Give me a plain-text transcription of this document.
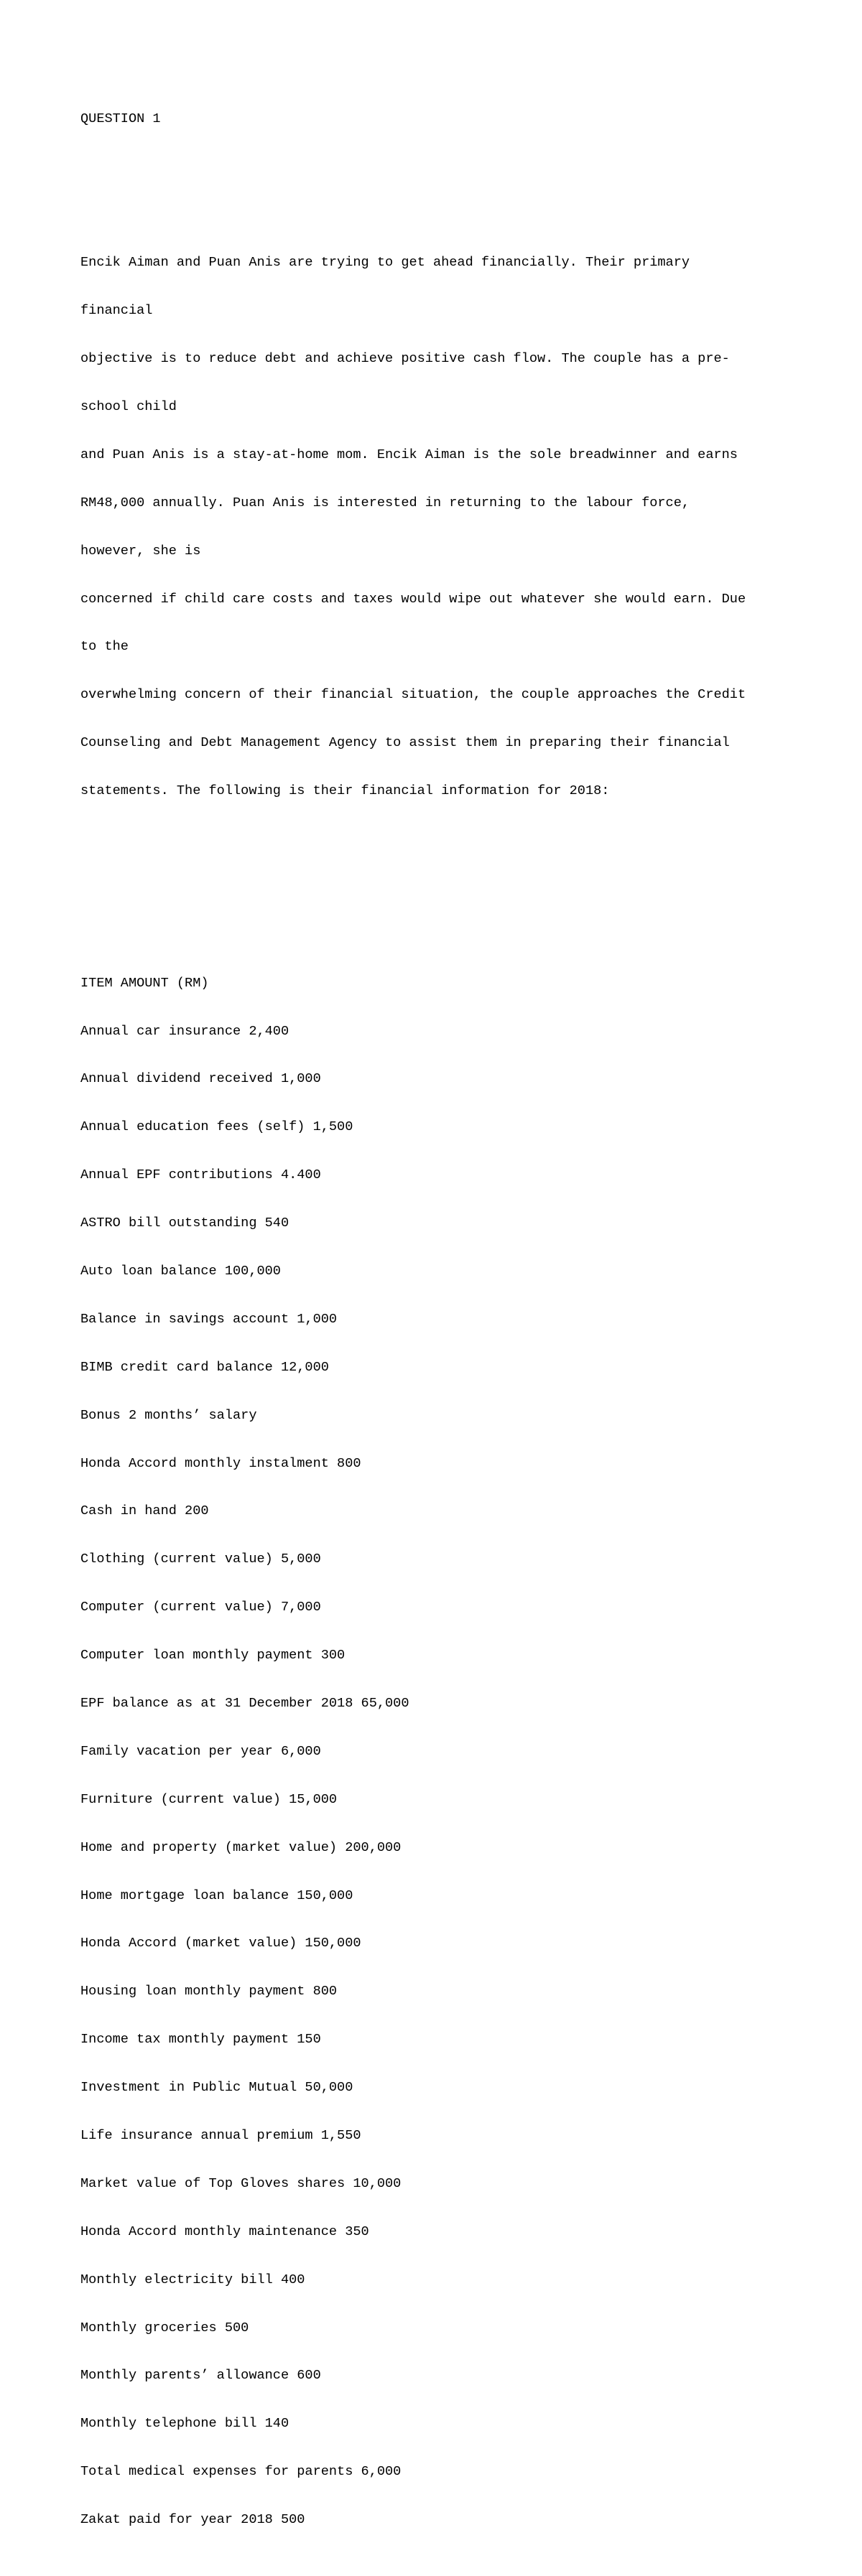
QUESTION 1

Encik Aiman and Puan Anis are trying to get ahead financially. Their primary

financial

objective is to reduce debt and achieve positive cash flow. The couple has a pre-

school child

and Puan Anis is a stay-at-home mom. Encik Aiman is the sole breadwinner and earns

RM48,000 annually. Puan Anis is interested in returning to the labour force,

however, she is

concerned if child care costs and taxes would wipe out whatever she would earn. Due

to the

overwhelming concern of their financial situation, the couple approaches the Credit

Counseling and Debt Management Agency to assist them in preparing their financial

statements. The following is their financial information for 2018:

ITEM AMOUNT (RM)

Annual car insurance 2,400

Annual dividend received 1,000

Annual education fees (self) 1,500

Annual EPF contributions 4.400

ASTRO bill outstanding 540

Auto loan balance 100,000

Balance in savings account 1,000

BIMB credit card balance 12,000

Bonus 2 months’ salary

Honda Accord monthly instalment 800

Cash in hand 200

Clothing (current value) 5,000

Computer (current value) 7,000

Computer loan monthly payment 300

EPF balance as at 31 December 2018 65,000

Family vacation per year 6,000

Furniture (current value) 15,000

Home and property (market value) 200,000

Home mortgage loan balance 150,000

Honda Accord (market value) 150,000

Housing loan monthly payment 800

Income tax monthly payment 150

Investment in Public Mutual 50,000

Life insurance annual premium 1,550

Market value of Top Gloves shares 10,000

Honda Accord monthly maintenance 350

Monthly electricity bill 400

Monthly groceries 500

Monthly parents’ allowance 600

Monthly telephone bill 140

Total medical expenses for parents 6,000

Zakat paid for year 2018 500
